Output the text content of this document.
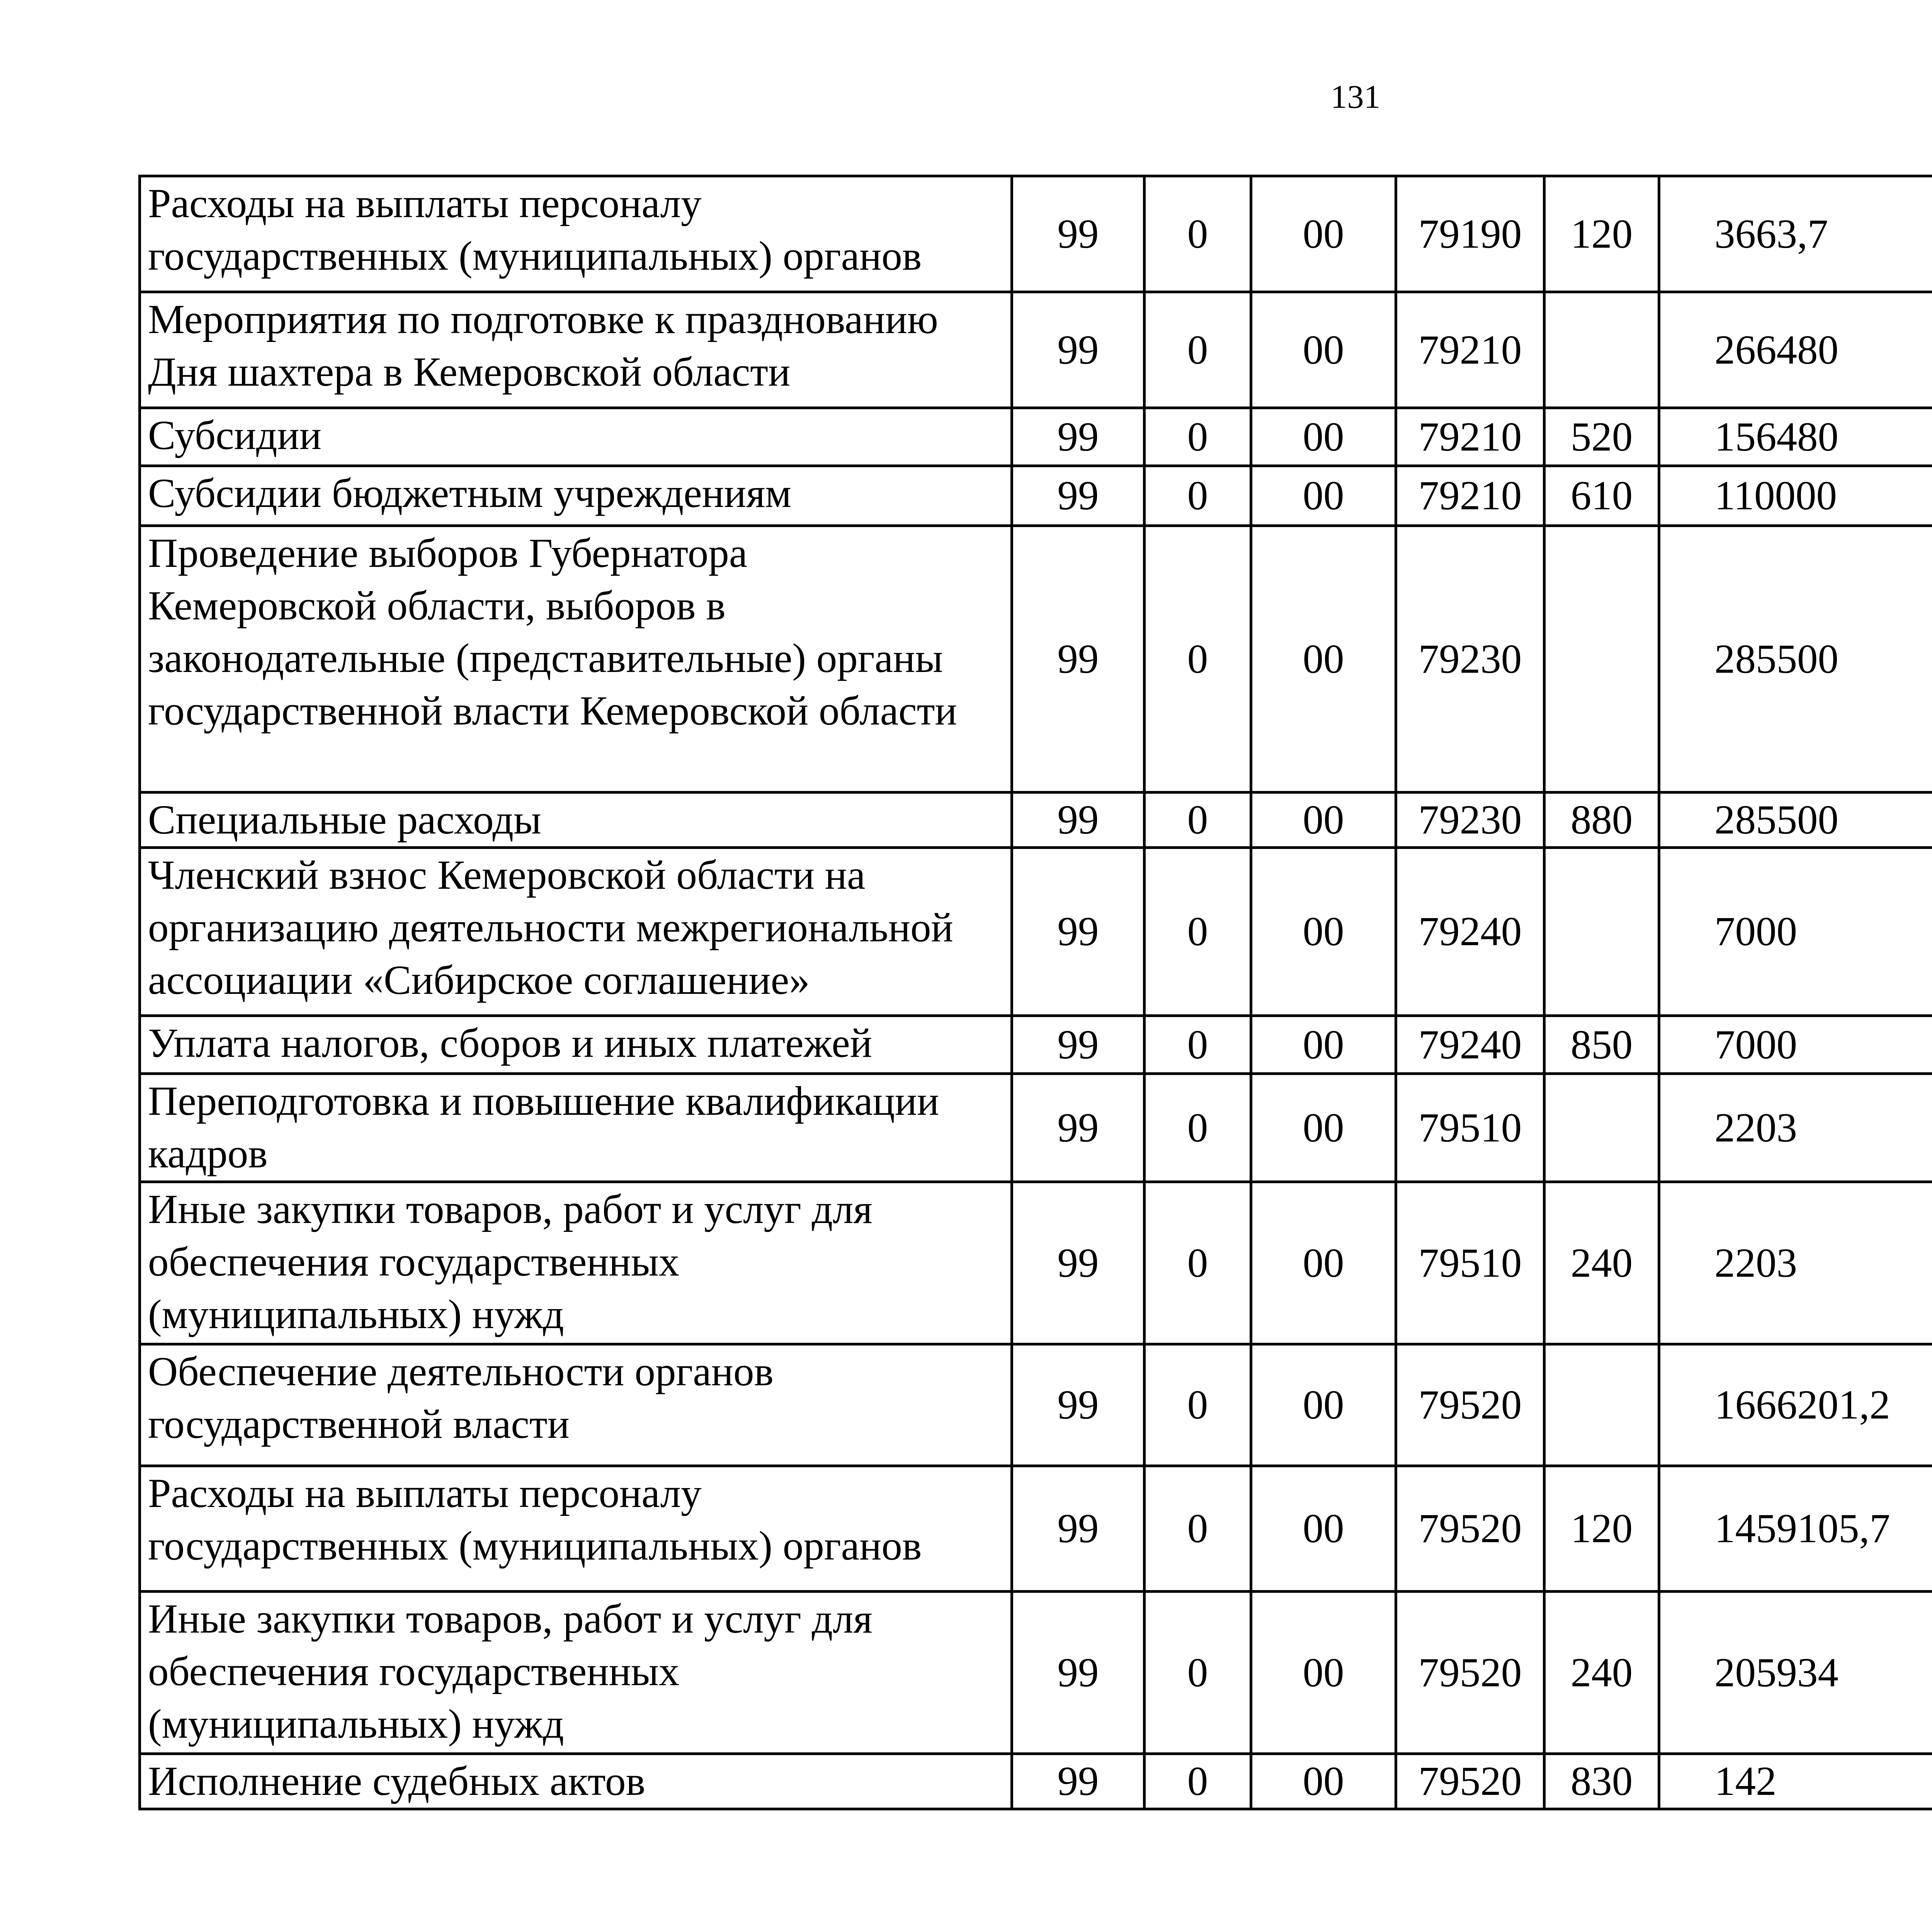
131
Расходы на выплаты персоналу
государственных (муниципальных) органов	99	0	00	79190	120	3663,7		

Мероприятия по подготовке к празднованию
Дня шахтера в Кемеровской области	99	0	00	79210		266480		

Субсидии	99	0	00	79210	520	156480		

Субсидии бюджетным учреждениям	99	0	00	79210	610	110000		

Проведение выборов Губернатора
Кемеровской области, выборов в
законодательные (представительные) органы
государственной власти Кемеровской области	99	0	00	79230		285500		

Специальные расходы	99	0	00	79230	880	285500		

Членский взнос Кемеровской области на
организацию деятельности межрегиональной
ассоциации «Сибирское соглашение»	99	0	00	79240		7000		

Уплата налогов, сборов и иных платежей	99	0	00	79240	850	7000		

Переподготовка и повышение квалификации
кадров	99	0	00	79510		2203		

Иные закупки товаров, работ и услуг для
обеспечения государственных
(муниципальных) нужд	99	0	00	79510	240	2203		

Обеспечение деятельности органов
государственной власти	99	0	00	79520		1666201,2		

Расходы на выплаты персоналу
государственных (муниципальных) органов	99	0	00	79520	120	1459105,7		

Иные закупки товаров, работ и услуг для
обеспечения государственных
(муниципальных) нужд	99	0	00	79520	240	205934		

Исполнение судебных актов	99	0	00	79520	830	142		
